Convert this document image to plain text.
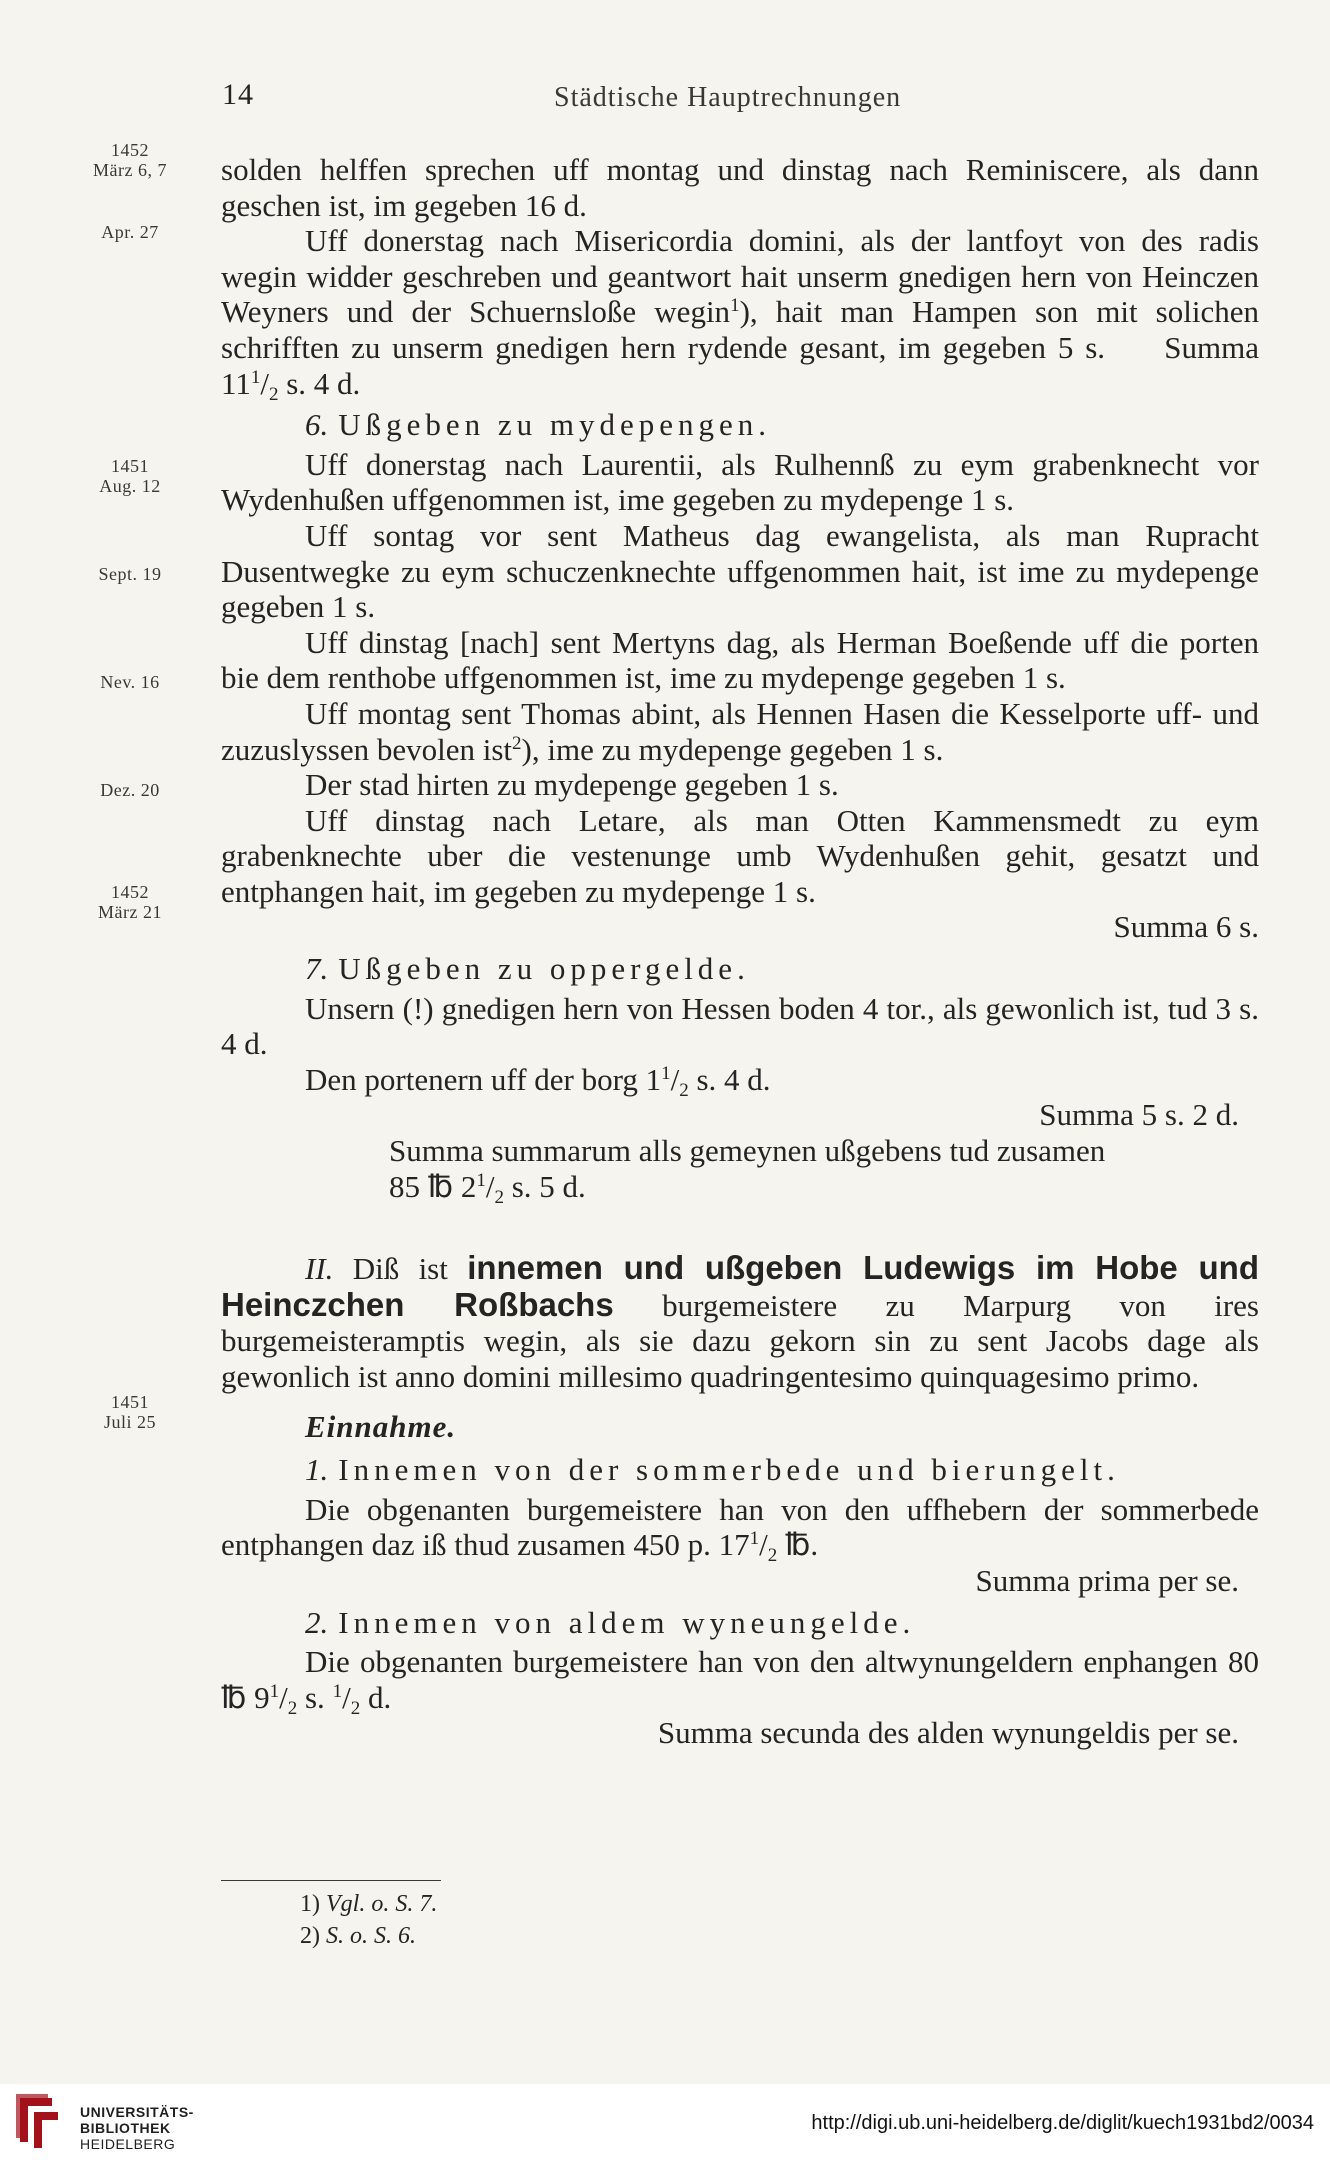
14	Städtische Hauptrechnungen
1452
März 6, 7
Apr. 27
1451
Aug. 12
Sept. 19
Nev. 16
Dez. 20
1452
März 21
1451
Juli 25

solden helffen sprechen uff montag und dinstag nach Reminiscere, als dann geschen ist, im gegeben 16 d.

Uff donerstag nach Misericordia domini, als der lantfoyt von des radis wegin widder geschreben und geantwort hait unserm gnedigen hern von Heinczen Weyners und der Schuernsloße wegin$^1$), hait man Hampen son mit solichen schrifften zu unserm gnedigen hern rydende gesant, im gegeben 5 s. Summa $11^1/_2$ s. 4 d.

6. Ußgeben zu mydepengen.

Uff donerstag nach Laurentii, als Rulhennß zu eym grabenknecht vor Wydenhußen uffgenommen ist, ime gegeben zu mydepenge 1 s.

Uff sontag vor sent Matheus dag ewangelista, als man Rupracht Dusentwegke zu eym schuczenknechte uffgenommen hait, ist ime zu mydepenge gegeben 1 s.

Uff dinstag [nach] sent Mertyns dag, als Herman Boeßende uff die porten bie dem renthobe uffgenommen ist, ime zu mydepenge gegeben 1 s.

Uff montag sent Thomas abint, als Hennen Hasen die Kesselporte uff- und zuzuslyssen bevolen ist$^2$), ime zu mydepenge gegeben 1 s.

Der stad hirten zu mydepenge gegeben 1 s.

Uff dinstag nach Letare, als man Otten Kammensmedt zu eym grabenknechte uber die vestenunge umb Wydenhußen gehit, gesatzt und entphangen hait, im gegeben zu mydepenge 1 s.

Summa 6 s.

7. Ußgeben zu oppergelde.

Unsern (!) gnedigen hern von Hessen boden 4 tor., als gewonlich ist, tud 3 s. 4 d.

Den portenern uff der borg $1^1/_2$ s. 4 d.

Summa 5 s. 2 d.

Summa summarum alls gemeynen ußgebens tud zusamen

85 ℔ $2^1/_2$ s. 5 d.

II. Diß ist innemen und ußgeben Ludewigs im Hobe und Heinczchen Roßbachs burgemeistere zu Marpurg von ires burgemeisteramptis wegin, als sie dazu gekorn sin zu sent Jacobs dage als gewonlich ist anno domini millesimo quadringentesimo quinquagesimo primo.

Einnahme.

1. Innemen von der sommerbede und bierungelt.

Die obgenanten burgemeistere han von den uffhebern der sommerbede entphangen daz iß thud zusamen 450 p. $17^1/_2$ ℔.

Summa prima per se.

2. Innemen von aldem wyneungelde.

Die obgenanten burgemeistere han von den altwynungeldern enphangen 80 ℔ $9^1/_2$ s. $^1/_2$ d.

Summa secunda des alden wynungeldis per se.

1) Vgl. o. S. 7.
2) S. o. S. 6.
UNIVERSITÄTS-
BIBLIOTHEK
HEIDELBERG
http://digi.ub.uni-heidelberg.de/diglit/kuech1931bd2/0034
